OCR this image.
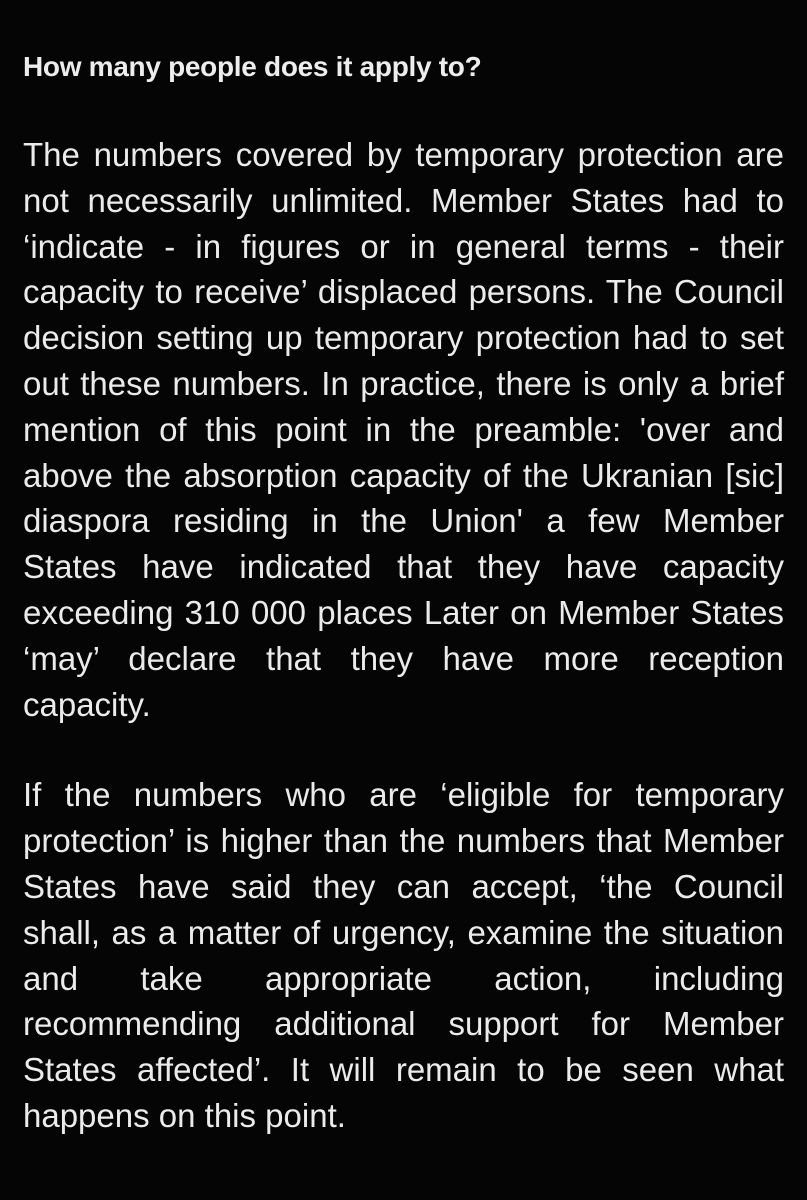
How many people does it apply to?

The numbers covered by temporary protection are not necessarily unlimited. Member States had to ‘indicate - in figures or in general terms - their capacity to receive’ displaced persons. The Council decision setting up temporary protection had to set out these numbers. In practice, there is only a brief mention of this point in the preamble: 'over and above the absorption capacity of the Ukranian [sic] diaspora residing in the Union' a few Member States have indicated that they have capacity exceeding 310 000 places Later on Member States ‘may’ declare that they have more reception capacity.

If the numbers who are ‘eligible for temporary protection’ is higher than the numbers that Member States have said they can accept, ‘the Council shall, as a matter of urgency, examine the situation and take appropriate action, including recommending additional support for Member States affected’. It will remain to be seen what happens on this point.
